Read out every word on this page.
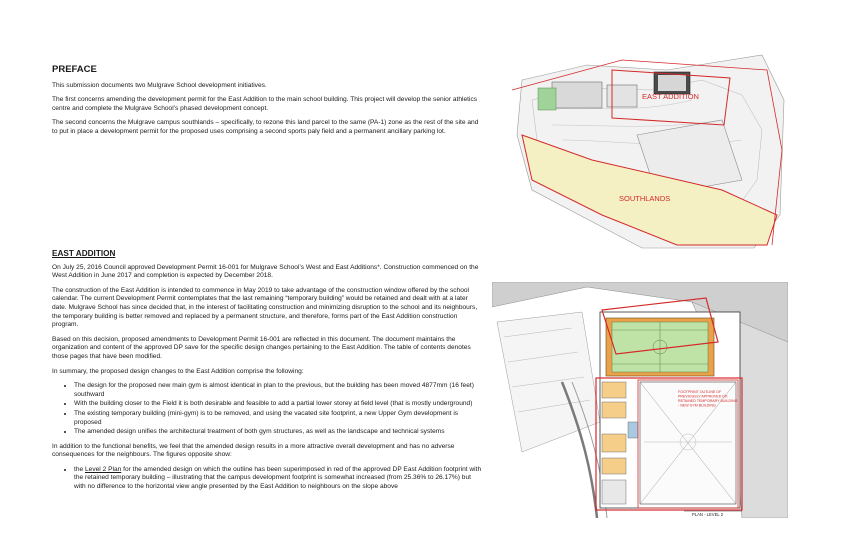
PREFACE

This submission documents two Mulgrave School development initiatives.

The first concerns amending the development permit for the East Addition to the main school building. This project will develop the senior athletics centre and complete the Mulgrave School’s phased development concept.

The second concerns the Mulgrave campus southlands – specifically, to rezone this land parcel to the same (PA-1) zone as the rest of the site and to put in place a development permit for the proposed uses comprising a second sports paly field and a permanent ancillary parking lot.

EAST ADDITION

On July 25, 2016 Council approved Development Permit 16-001 for Mulgrave School’s West and East Additions*. Construction commenced on the West Addition in June 2017 and completion is expected by December 2018.

The construction of the East Addition is intended to commence in May 2019 to take advantage of the construction window offered by the school calendar. The current Development Permit contemplates that the last remaining “temporary building” would be retained and dealt with at a later date. Mulgrave School has since decided that, in the interest of facilitating construction and minimizing disruption to the school and its neighbours, the temporary building is better removed and replaced by a permanent structure, and therefore, forms part of the East Addition construction program.

Based on this decision, proposed amendments to Development Permit 16-001 are reflected in this document. The document maintains the organization and content of the approved DP save for the specific design changes pertaining to the East Addition. The table of contents denotes those pages that have been modified.

In summary, the proposed design changes to the East Addition comprise the following:

• The design for the proposed new main gym is almost identical in plan to the previous, but the building has been moved 4877mm (16 feet) southward
• With the building closer to the Field it is both desirable and feasible to add a partial lower storey at field level (that is mostly underground)
• The existing temporary building (mini-gym) is to be removed, and using the vacated site footprint, a new Upper Gym development is proposed
• The amended design unifies the architectural treatment of both gym structures, as well as the landscape and technical systems

In addition to the functional benefits, we feel that the amended design results in a more attractive overall development and has no adverse consequences for the neighbours. The figures opposite show:

• the Level 2 Plan for the amended design on which the outline has been superimposed in red of the approved DP East Addition footprint with the retained temporary building – illustrating that the campus development footprint is somewhat increased (from 25.36% to 26.17%) but with no difference to the horizontal view angle presented by the East Addition to neighbours on the slope above
EAST ADDITION
SOUTHLANDS
FOOTPRINT OUTLINE OF
PREVIOUSLY APPROVED DP,
RETAINED TEMPORARY BUILDING
- NEW GYM BUILDING
PLAN - LEVEL 2
